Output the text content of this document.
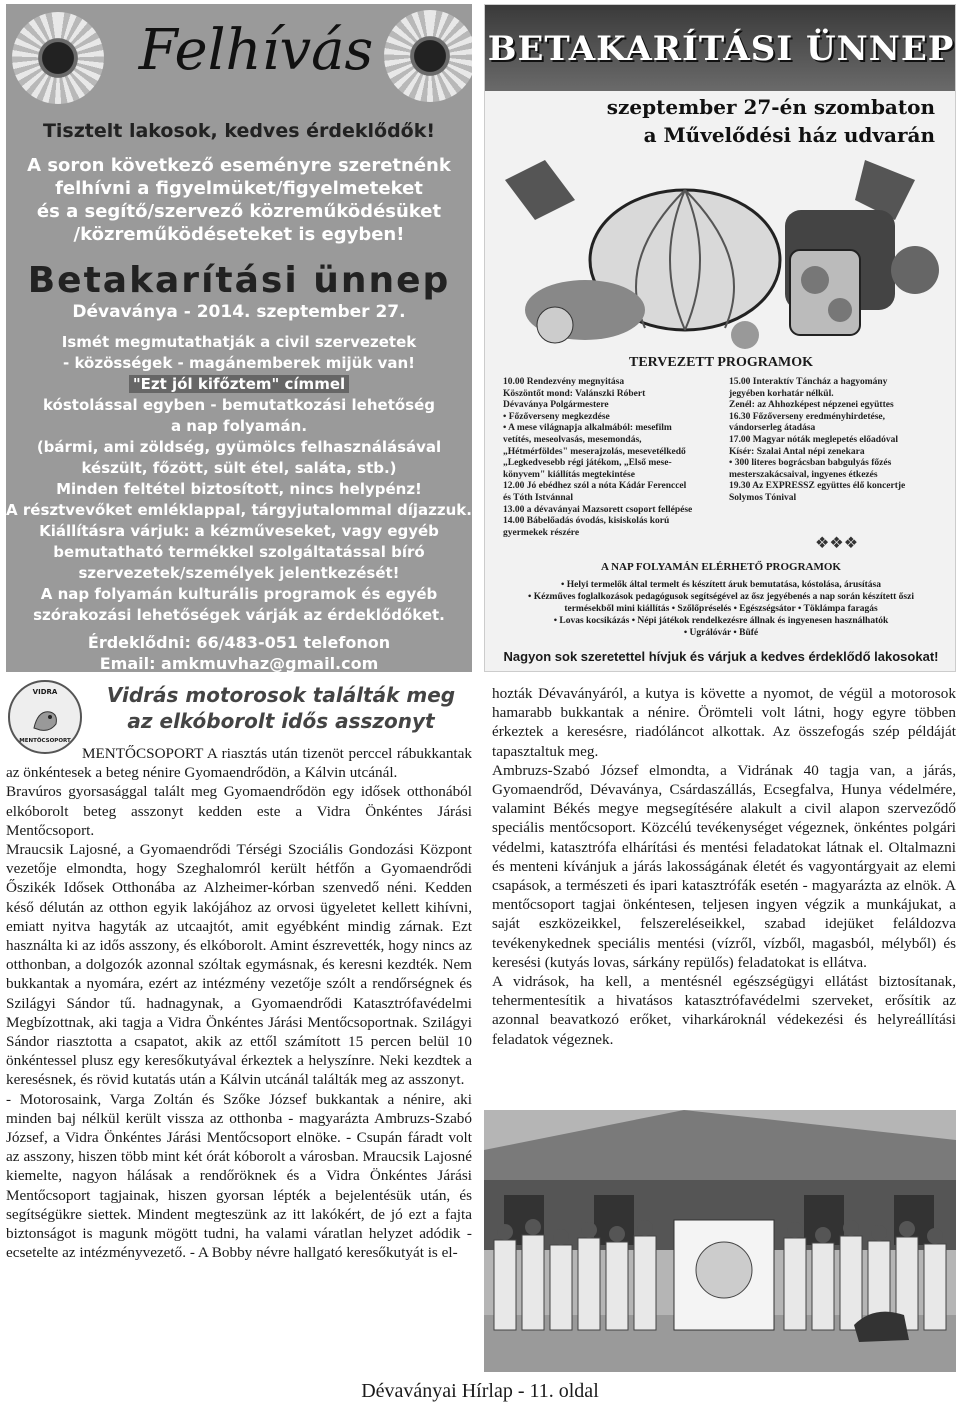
Felhívás
Tisztelt lakosok, kedves érdeklődők!
A soron következő eseményre szeretnénk
felhívni a figyelmüket/figyelmeteket
és a segítő/szervező közreműködésüket
/közreműködéseteket is egyben!
Betakarítási ünnep
Dévaványa - 2014. szeptember 27.
Ismét megmutathatják a civil szervezetek
- közösségek - magánemberek mijük van!
"Ezt jól kifőztem" címmel
kóstolással egyben - bemutatkozási lehetőség
a nap folyamán.
(bármi, ami zöldség, gyümölcs felhasználásával
készült, főzött, sült étel, saláta, stb.)
Minden feltétel biztosított, nincs helypénz!
A résztvevőket emléklappal, tárgyjutalommal díjazzuk.
Kiállításra várjuk: a kézműveseket, vagy egyéb
bemutatható termékkel szolgáltatással bíró
szervezetek/személyek jelentkezését!
A nap folyamán kulturális programok és egyéb
szórakozási lehetőségek várják az érdeklődőket.
Érdeklődni: 66/483-051 telefonon
Email: amkmuvhaz@gmail.com
BETAKARÍTÁSI ÜNNEP
szeptember 27-én szombaton
a Művelődési ház udvarán
TERVEZETT PROGRAMOK
10.00 Rendezvény megnyitása
Köszöntőt mond: Valánszki Róbert
Dévaványa Polgármestere
• Főzőverseny megkezdése
• A mese világnapja alkalmából: mesefilm
vetítés, meseolvasás, mesemondás,
„Hétmérföldes" meserajzolás, mesevetélkedő
„Legkedvesebb régi játékom, „Első mese-
könyvem" kiállítás megtekintése
12.00 Jó ebédhez szól a nóta Kádár Ferenccel
és Tóth Istvánnal
13.00 a dévaványai Mazsorett csoport fellépése
14.00 Bábelőadás óvodás, kisiskolás korú
gyermekek részére
15.00 Interaktív Táncház a hagyomány
jegyében korhatár nélkül.
Zenél: az Ahhozképest népzenei együttes
16.30 Főzőverseny eredményhirdetése,
vándorserleg átadása
17.00 Magyar nóták meglepetés előadóval
Kísér: Szalai Antal népi zenekara
• 300 literes bográcsban babgulyás főzés
mesterszakácsaival, ingyenes étkezés
19.30 Az EXPRESSZ együttes élő koncertje
Solymos Tónival
❖❖❖
A NAP FOLYAMÁN ELÉRHETŐ PROGRAMOK
• Helyi termelők által termelt és készített áruk bemutatása, kóstolása, árusítása
• Kézműves foglalkozások pedagógusok segítségével az ősz jegyébenés a nap során készített őszi
termésekből mini kiállítás • Szőlőpréselés • Egészségsátor • Töklámpa faragás
• Lovas kocsikázás • Népi játékok rendelkezésre állnak és ingyenesen használhatók
• Ugrálóvár • Büfé
Nagyon sok szeretettel hívjuk és várjuk a kedves érdeklődő lakosokat!
VIDRA
MENTŐCSOPORT
Vidrás motorosok találták meg
az elkóborolt idős asszonyt

MENTŐCSOPORT A riasztás után tizenöt perccel rábukkantak az önkéntesek a beteg nénire Gyomaendrődön, a Kálvin utcánál.

Bravúros gyorsasággal talált meg Gyomaendrődön egy idősek otthonából elkóborolt beteg asszonyt kedden este a Vidra Önkéntes Járási Mentőcsoport.

Mraucsik Lajosné, a Gyomaendrődi Térségi Szociális Gondozási Központ vezetője elmondta, hogy Szeghalomról került hétfőn a Gyomaendrődi Őszikék Idősek Otthonába az Alzheimer-kórban szenvedő néni. Kedden késő délután az otthon egyik lakójához az orvosi ügyeletet kellett kihívni, emiatt nyitva hagyták az utcaajtót, amit egyébként mindig zárnak. Ezt használta ki az idős asszony, és elkóborolt. Amint észrevették, hogy nincs az otthonban, a dolgozók azonnal szóltak egymásnak, és keresni kezdték. Nem bukkantak a nyomára, ezért az intézmény vezetője szólt a rendőrségnek és Szilágyi Sándor tű. hadnagynak, a Gyomaendrődi Katasztrófavédelmi Megbízottnak, aki tagja a Vidra Önkéntes Járási Mentőcsoportnak. Szilágyi Sándor riasztotta a csapatot, akik az ettől számított 15 percen belül 10 önkéntessel plusz egy keresőkutyával érkeztek a helyszínre. Neki kezdtek a keresésnek, és rövid kutatás után a Kálvin utcánál találták meg az asszonyt.

- Motorosaink, Varga Zoltán és Szőke József bukkantak a nénire, aki minden baj nélkül került vissza az otthonba - magyarázta Ambruzs-Szabó József, a Vidra Önkéntes Járási Mentőcsoport elnöke. - Csupán fáradt volt az asszony, hiszen több mint két órát kóborolt a városban. Mraucsik Lajosné kiemelte, nagyon hálásak a rendőröknek és a Vidra Önkéntes Járási Mentőcsoport tagjainak, hiszen gyorsan lépték a bejelentésük után, és segítségükre siettek. Mindent megteszünk az itt lakókért, de jó ezt a fajta biztonságot is magunk mögött tudni, ha valami váratlan helyzet adódik - ecsetelte az intézményvezető. - A Bobby névre hallgató keresőkutyát is el-

hozták Dévaványáról, a kutya is követte a nyomot, de végül a motorosok hamarabb bukkantak a nénire. Örömteli volt látni, hogy egyre többen érkeztek a keresésre, riadóláncot alkottak. Az összefogás szép példáját tapasztaltuk meg.

Ambruzs-Szabó József elmondta, a Vidrának 40 tagja van, a járás, Gyomaendrőd, Dévaványa, Csárdaszállás, Ecsegfalva, Hunya védelmére, valamint Békés megye megsegítésére alakult a civil alapon szerveződő speciális mentőcsoport. Közcélú tevékenységet végeznek, önkéntes polgári védelmi, katasztrófa elhárítási és mentési feladatokat látnak el. Oltalmazni és menteni kívánjuk a járás lakosságának életét és vagyontárgyait az elemi csapások, a természeti és ipari katasztrófák esetén - magyarázta az elnök. A mentőcsoport tagjai önkéntesen, teljesen ingyen végzik a munkájukat, a saját eszközeikkel, felszereléseikkel, szabad idejüket feláldozva tevékenykednek speciális mentési (vízről, vízből, magasból, mélyből) és keresési (kutyás lovas, sárkány repülős) feladatokat is ellátva.

A vidrások, ha kell, a mentésnél egészségügyi ellátást biztosítanak, tehermentesítik a hivatásos katasztrófavédelmi szerveket, erősítik az azonnal beavatkozó erőket, viharkároknál védekezési és helyreállítási feladatok végeznek.

Dévaványai Hírlap - 11. oldal
